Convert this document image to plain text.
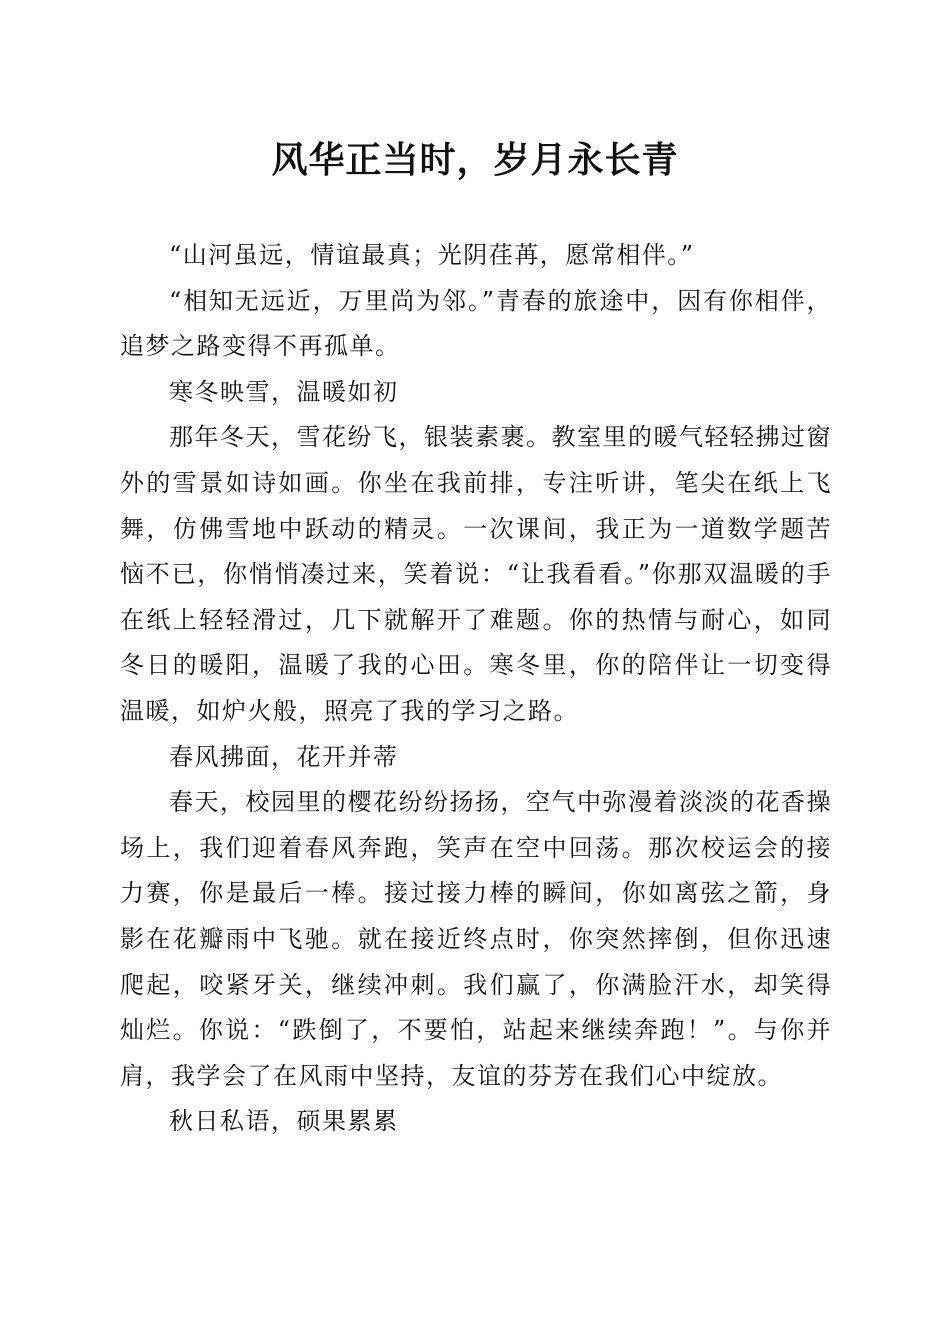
风华正当时，岁月永长青

“山河虽远，情谊最真；光阴荏苒，愿常相伴。”

“相知无远近，万里尚为邻。”青春的旅途中，因有你相伴，追梦之路变得不再孤单。

寒冬映雪，温暖如初

那年冬天，雪花纷飞，银装素裹。教室里的暖气轻轻拂过窗外的雪景如诗如画。你坐在我前排，专注听讲，笔尖在纸上飞舞，仿佛雪地中跃动的精灵。一次课间，我正为一道数学题苦恼不已，你悄悄凑过来，笑着说：“让我看看。”你那双温暖的手在纸上轻轻滑过，几下就解开了难题。你的热情与耐心，如同冬日的暖阳，温暖了我的心田。寒冬里，你的陪伴让一切变得温暖，如炉火般，照亮了我的学习之路。

春风拂面，花开并蒂

春天，校园里的樱花纷纷扬扬，空气中弥漫着淡淡的花香操场上，我们迎着春风奔跑，笑声在空中回荡。那次校运会的接力赛，你是最后一棒。接过接力棒的瞬间，你如离弦之箭，身影在花瓣雨中飞驰。就在接近终点时，你突然摔倒，但你迅速爬起，咬紧牙关，继续冲刺。我们赢了，你满脸汗水，却笑得灿烂。你说：“跌倒了，不要怕，站起来继续奔跑！”。与你并肩，我学会了在风雨中坚持，友谊的芬芳在我们心中绽放。

秋日私语，硕果累累
